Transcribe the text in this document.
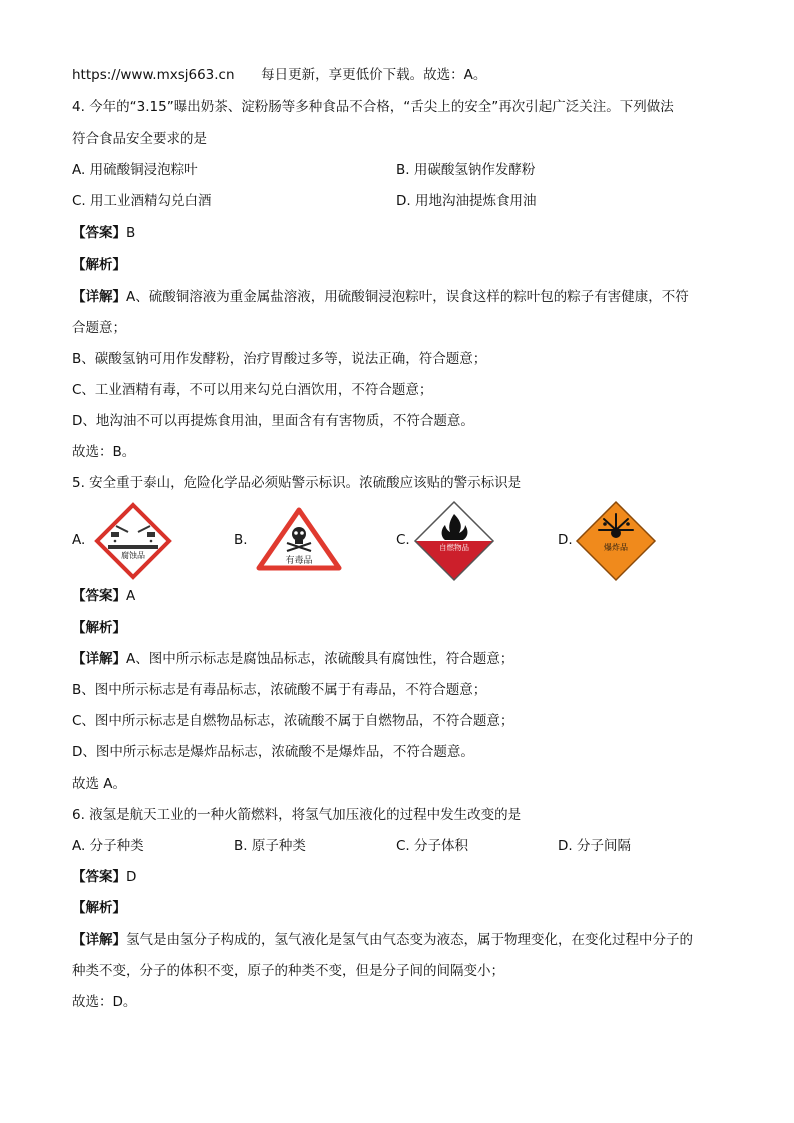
https://www.mxsj663.cn 每日更新，享更低价下载。故选：A。
4. 今年的“3.15”曝出奶茶、淀粉肠等多种食品不合格，“舌尖上的安全”再次引起广泛关注。下列做法
符合食品安全要求的是
A. 用硫酸铜浸泡粽叶	B. 用碳酸氢钠作发酵粉
C. 用工业酒精勾兑白酒	D. 用地沟油提炼食用油
【答案】B
【解析】
【详解】A、硫酸铜溶液为重金属盐溶液，用硫酸铜浸泡粽叶，误食这样的粽叶包的粽子有害健康，不符
合题意；
B、碳酸氢钠可用作发酵粉，治疗胃酸过多等，说法正确，符合题意；
C、工业酒精有毒，不可以用来勾兑白酒饮用，不符合题意；
D、地沟油不可以再提炼食用油，里面含有有害物质，不符合题意。
故选：B。
5. 安全重于泰山，危险化学品必须贴警示标识。浓硫酸应该贴的警示标识是
A.
腐蚀品
B.
有毒品
C.	自燃物品	D.	爆炸品
【答案】A
【解析】
【详解】A、图中所示标志是腐蚀品标志，浓硫酸具有腐蚀性，符合题意；
B、图中所示标志是有毒品标志，浓硫酸不属于有毒品，不符合题意；
C、图中所示标志是自燃物品标志，浓硫酸不属于自燃物品，不符合题意；
D、图中所示标志是爆炸品标志，浓硫酸不是爆炸品，不符合题意。
故选 A。
6. 液氢是航天工业的一种火箭燃料，将氢气加压液化的过程中发生改变的是
A. 分子种类	B. 原子种类	C. 分子体积	D. 分子间隔
【答案】D
【解析】
【详解】氢气是由氢分子构成的，氢气液化是氢气由气态变为液态，属于物理变化，在变化过程中分子的
种类不变，分子的体积不变，原子的种类不变，但是分子间的间隔变小；
故选：D。
